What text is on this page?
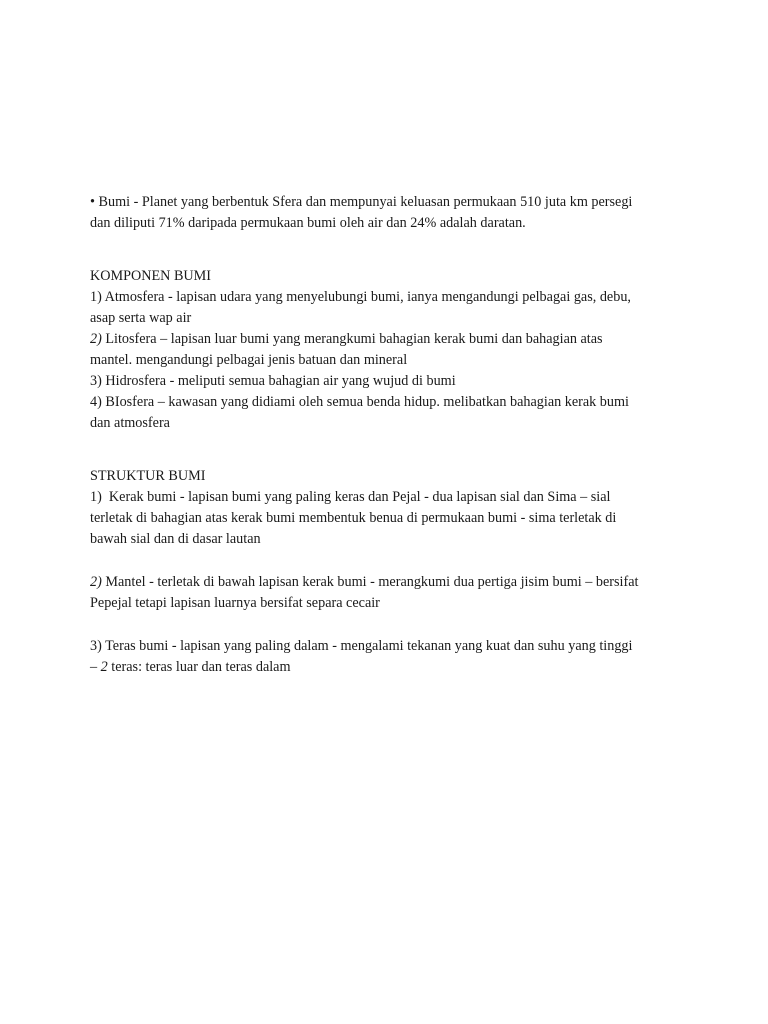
• Bumi - Planet yang berbentuk Sfera dan mempunyai keluasan permukaan 510 juta km persegi
dan diliputi 71% daripada permukaan bumi oleh air dan 24% adalah daratan.

KOMPONEN BUMI
1) Atmosfera - lapisan udara yang menyelubungi bumi, ianya mengandungi pelbagai gas, debu,
asap serta wap air
2) Litosfera – lapisan luar bumi yang merangkumi bahagian kerak bumi dan bahagian atas
mantel. mengandungi pelbagai jenis batuan dan mineral
3) Hidrosfera - meliputi semua bahagian air yang wujud di bumi
4) BIosfera – kawasan yang didiami oleh semua benda hidup. melibatkan bahagian kerak bumi
dan atmosfera
STRUKTUR BUMI
1)  Kerak bumi - lapisan bumi yang paling keras dan Pejal - dua lapisan sial dan Sima – sial
terletak di bahagian atas kerak bumi membentuk benua di permukaan bumi - sima terletak di
bawah sial dan di dasar lautan
2) Mantel - terletak di bawah lapisan kerak bumi - merangkumi dua pertiga jisim bumi – bersifat
Pepejal tetapi lapisan luarnya bersifat separa cecair
3) Teras bumi - lapisan yang paling dalam - mengalami tekanan yang kuat dan suhu yang tinggi
– 2 teras: teras luar dan teras dalam
